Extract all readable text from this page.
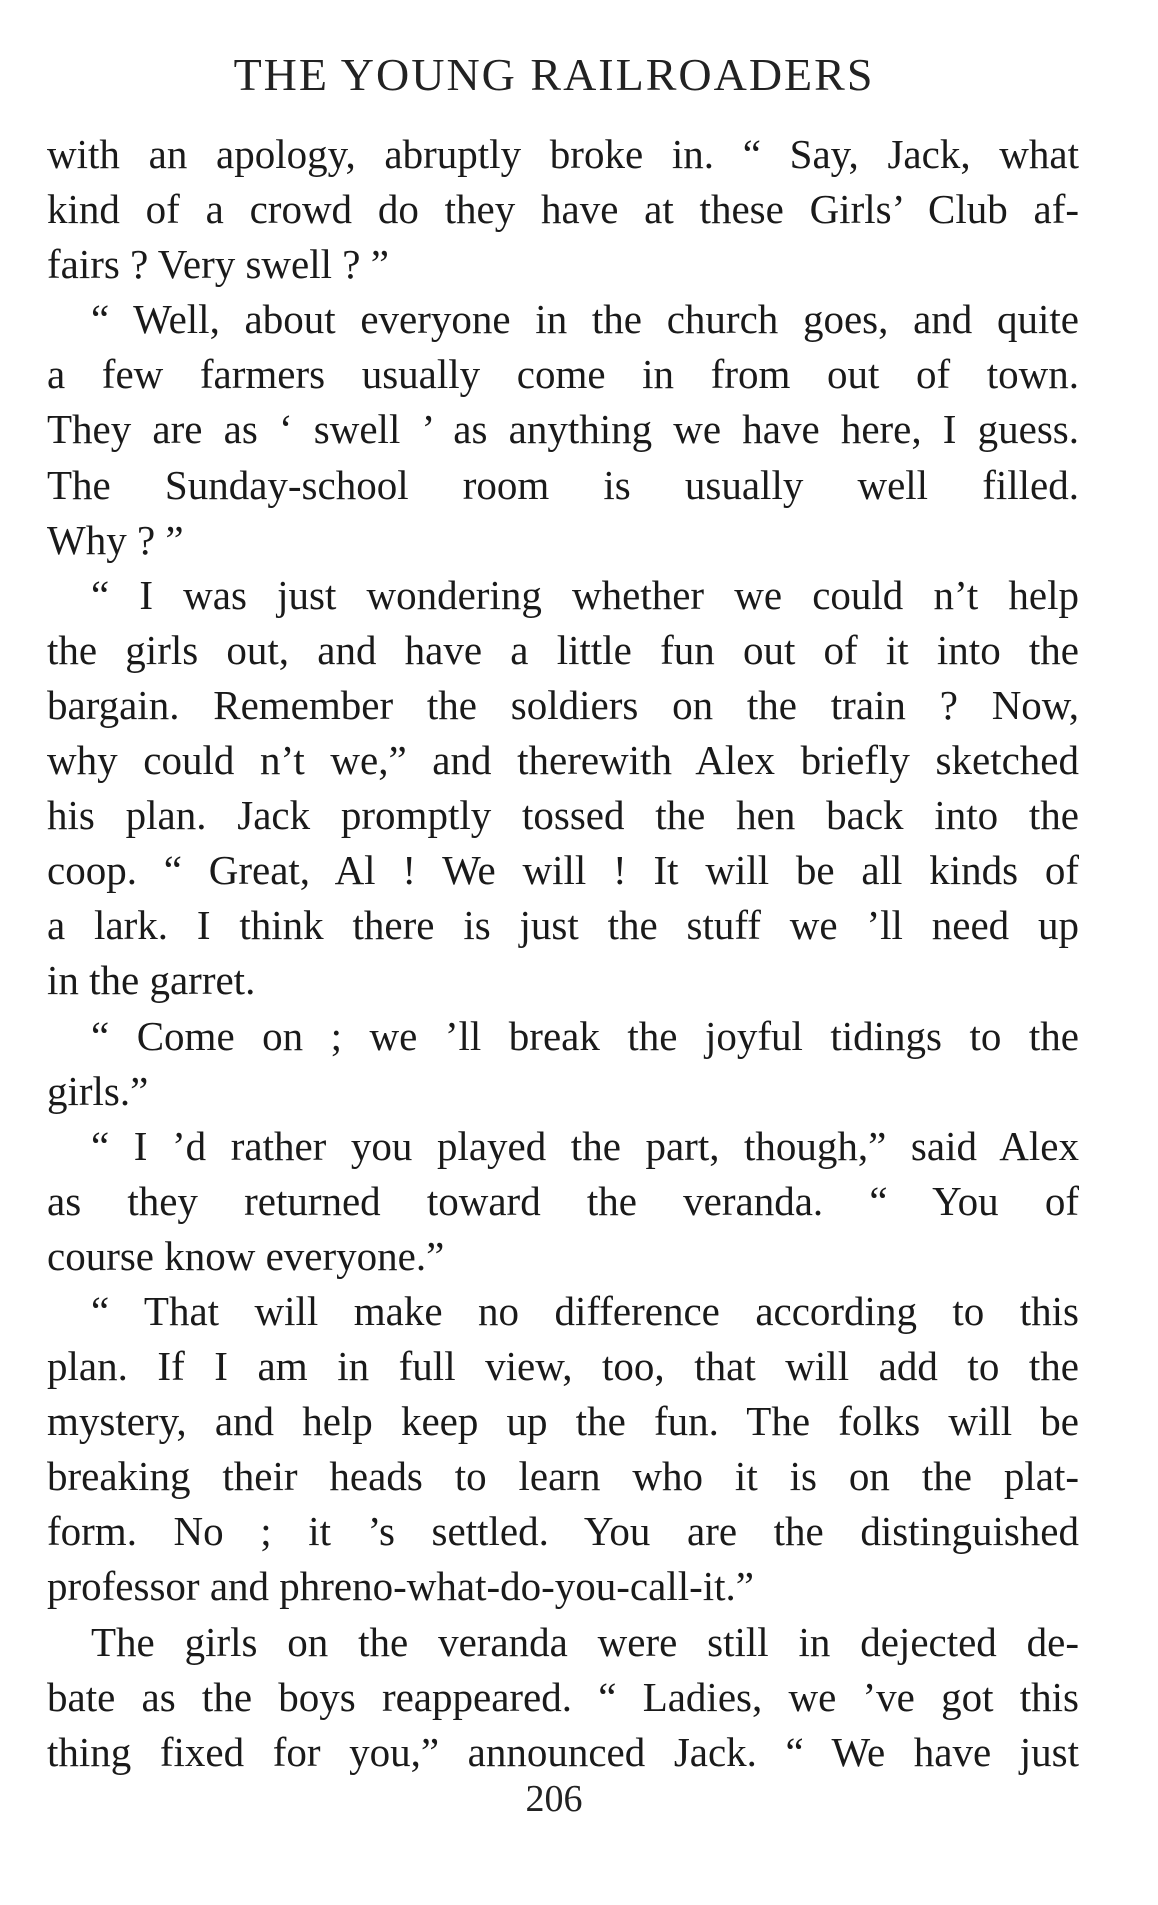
THE YOUNG RAILROADERS
with an apology, abruptly broke in. “ Say, Jack, what
kind of a crowd do they have at these Girls’ Club af-
fairs ? Very swell ? ”
“ Well, about everyone in the church goes, and quite
a few farmers usually come in from out of town.
They are as ‘ swell ’ as anything we have here, I guess.
The Sunday-school room is usually well filled.
Why ? ”
“ I was just wondering whether we could n’t help
the girls out, and have a little fun out of it into the
bargain. Remember the soldiers on the train ? Now,
why could n’t we,” and therewith Alex briefly sketched
his plan. Jack promptly tossed the hen back into the
coop. “ Great, Al ! We will ! It will be all kinds of
a lark. I think there is just the stuff we ’ll need up
in the garret.
“ Come on ; we ’ll break the joyful tidings to the
girls.”
“ I ’d rather you played the part, though,” said Alex
as they returned toward the veranda. “ You of
course know everyone.”
“ That will make no difference according to this
plan. If I am in full view, too, that will add to the
mystery, and help keep up the fun. The folks will be
breaking their heads to learn who it is on the plat-
form. No ; it ’s settled. You are the distinguished
professor and phreno-what-do-you-call-it.”
The girls on the veranda were still in dejected de-
bate as the boys reappeared. “ Ladies, we ’ve got this
thing fixed for you,” announced Jack. “ We have just
206
